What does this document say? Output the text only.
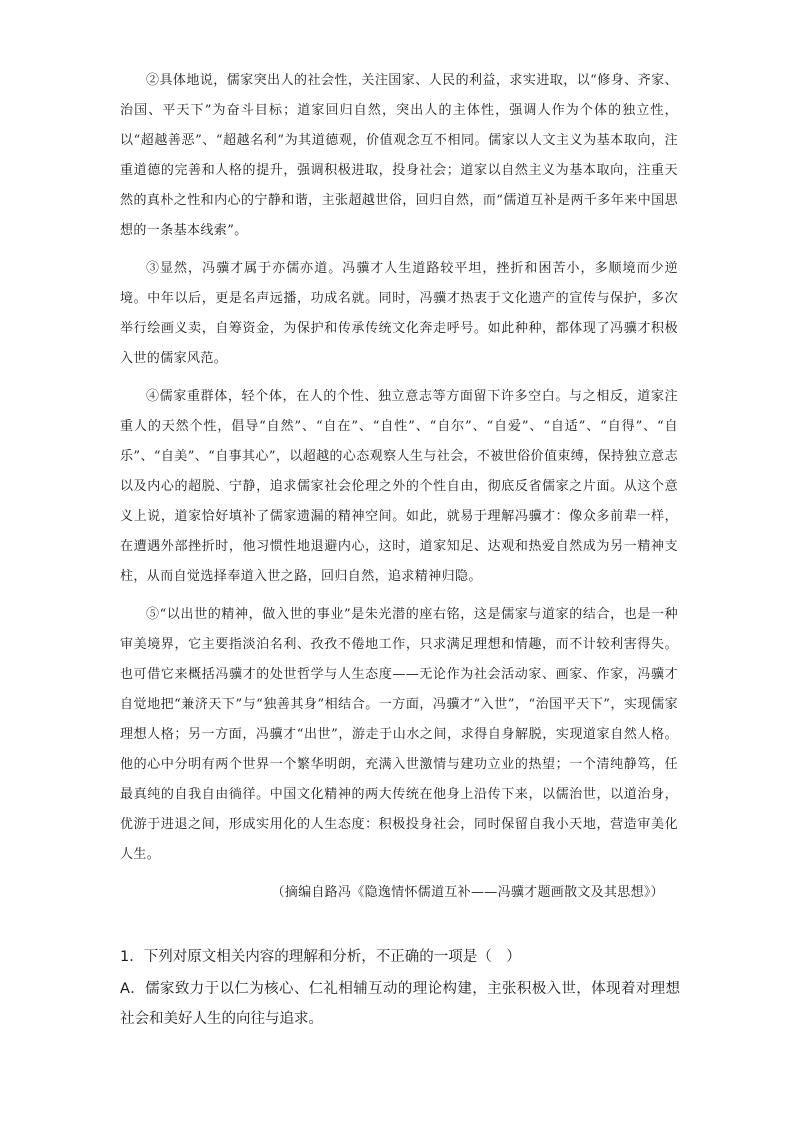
②具体地说，儒家突出人的社会性，关注国家、人民的利益，求实进取，以“修身、齐家、治国、平天下”为奋斗目标；道家回归自然，突出人的主体性，强调人作为个体的独立性，以“超越善恶”、“超越名利”为其道德观，价值观念互不相同。儒家以人文主义为基本取向，注重道德的完善和人格的提升，强调积极进取，投身社会；道家以自然主义为基本取向，注重天然的真朴之性和内心的宁静和谐，主张超越世俗，回归自然，而“儒道互补是两千多年来中国思想的一条基本线索”。

③显然，冯骥才属于亦儒亦道。冯骥才人生道路较平坦，挫折和困苦小，多顺境而少逆境。中年以后，更是名声远播，功成名就。同时，冯骥才热衷于文化遗产的宣传与保护，多次举行绘画义卖，自筹资金，为保护和传承传统文化奔走呼号。如此种种，都体现了冯骥才积极入世的儒家风范。

④儒家重群体，轻个体，在人的个性、独立意志等方面留下许多空白。与之相反，道家注重人的天然个性，倡导“自然”、“自在”、“自性”、“自尔”、“自爱”、“自适”、“自得”、“自乐”、“自美”、“自事其心”，以超越的心态观察人生与社会，不被世俗价值束缚，保持独立意志以及内心的超脱、宁静，追求儒家社会伦理之外的个性自由，彻底反省儒家之片面。从这个意义上说，道家恰好填补了儒家遗漏的精神空间。如此，就易于理解冯骥才：像众多前辈一样，在遭遇外部挫折时，他习惯性地退避内心，这时，道家知足、达观和热爱自然成为另一精神支柱，从而自觉选择奉道入世之路，回归自然，追求精神归隐。

⑤“以出世的精神，做入世的事业”是朱光潜的座右铭，这是儒家与道家的结合，也是一种审美境界，它主要指淡泊名利、孜孜不倦地工作，只求满足理想和情趣，而不计较利害得失。也可借它来概括冯骥才的处世哲学与人生态度——无论作为社会活动家、画家、作家，冯骥才自觉地把“兼济天下”与“独善其身”相结合。一方面，冯骥才“入世”，“治国平天下”，实现儒家理想人格；另一方面，冯骥才“出世”，游走于山水之间，求得自身解脱，实现道家自然人格。他的心中分明有两个世界一个繁华明朗，充满入世激情与建功立业的热望；一个清纯静笃，任最真纯的自我自由徜徉。中国文化精神的两大传统在他身上沿传下来，以儒治世，以道治身，优游于进退之间，形成实用化的人生态度：积极投身社会，同时保留自我小天地，营造审美化人生。

（摘编自路冯《隐逸情怀儒道互补——冯骥才题画散文及其思想》）

1．下列对原文相关内容的理解和分析，不正确的一项是（　）

A．儒家致力于以仁为核心、仁礼相辅互动的理论构建，主张积极入世，体现着对理想社会和美好人生的向往与追求。
